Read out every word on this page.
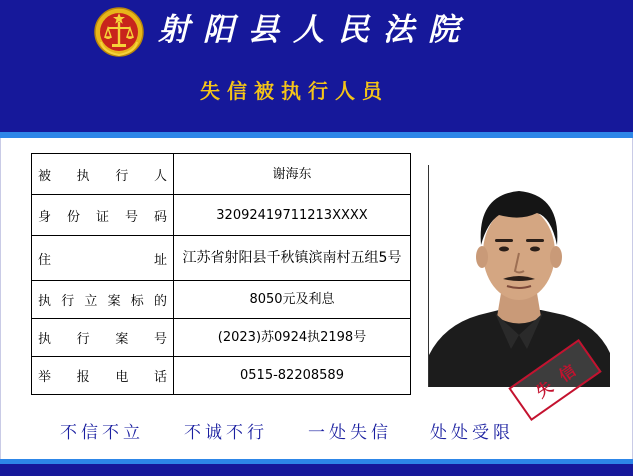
射阳县人民法院
失信被执行人员
被执行人	谢海东
身份证号码	32092419711213XXXX
住址	江苏省射阳县千秋镇滨南村五组5号
执行立案标的	8050元及利息
执行案号	(2023)苏0924执2198号
举报电话	0515-82208589
失
信
不信不立 不诚不行 一处失信 处处受限
